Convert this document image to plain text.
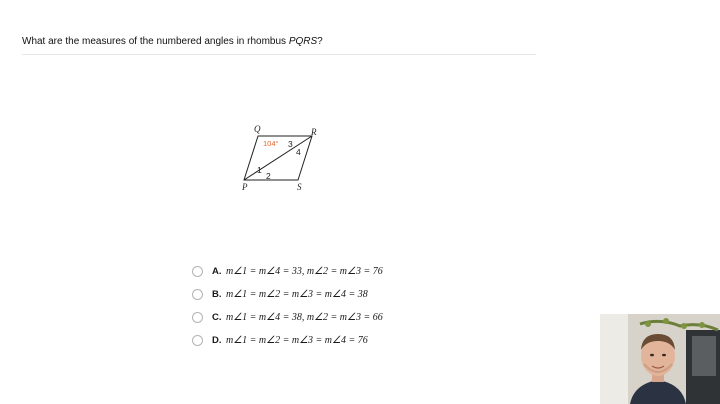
What are the measures of the numbered angles in rhombus PQRS?
Q	R
P	S
104°
1
2
3
4
A. m∠1 = m∠4 = 33, m∠2 = m∠3 = 76
B. m∠1 = m∠2 = m∠3 = m∠4 = 38
C. m∠1 = m∠4 = 38, m∠2 = m∠3 = 66
D. m∠1 = m∠2 = m∠3 = m∠4 = 76
